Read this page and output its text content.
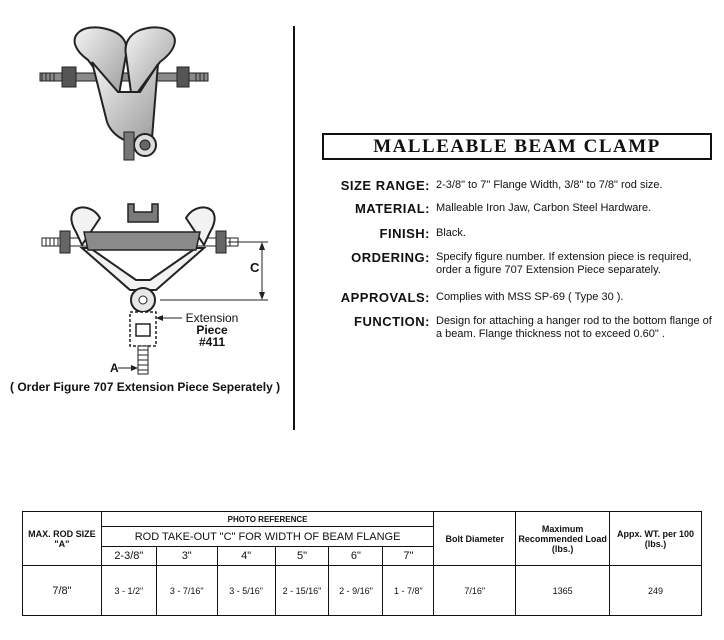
C
A
Extension
Piece
#411
( Order Figure 707 Extension Piece Seperately )
MALLEABLE BEAM CLAMP
SIZE RANGE: 2-3/8" to 7" Flange Width, 3/8" to 7/8" rod size.
MATERIAL: Malleable Iron Jaw, Carbon Steel Hardware.
FINISH: Black.
ORDERING: Specify figure number. If extension piece is required, order a figure 707 Extension Piece separately.
APPROVALS: Complies with MSS SP-69 ( Type 30 ).
FUNCTION: Design for attaching a hanger rod to the bottom flange of a beam. Flange thickness not to exceed 0.60" .
MAX. ROD SIZE "A"	PHOTO REFERENCE						Bolt Diameter	Maximum Recommended Load (lbs.)	Appx. WT. per 100 (lbs.)
	ROD TAKE-OUT "C" FOR WIDTH OF BEAM FLANGE								
	2-3/8"	3"	4"	5"	6"	7"			
7/8"	3 - 1/2"	3 - 7/16"	3 - 5/16"	2 - 15/16"	2 - 9/16"	1 - 7/8"	7/16"	1365	249
